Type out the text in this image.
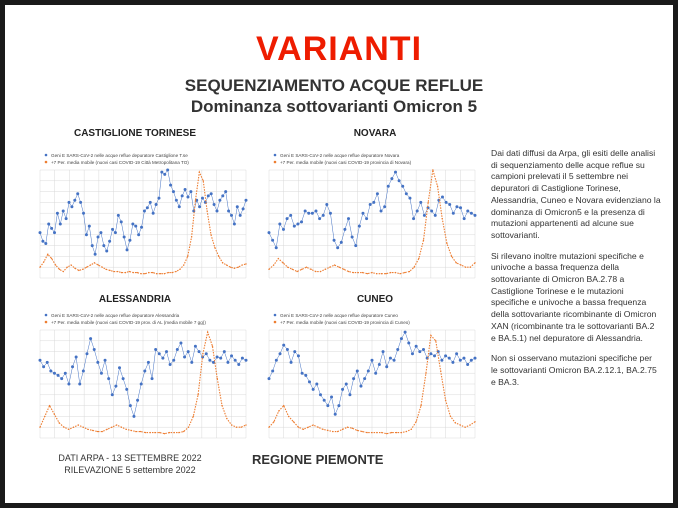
VARIANTI
SEQUENZIAMENTO ACQUE REFLUE
Dominanza sottovarianti Omicron 5
CASTIGLIONE TORINESE	NOVARA
ALESSANDRIA	CUNEO
Geni E SARS-CoV-2 nelle acque reflue depuratore Castiglione T.se
+7 Per. media mobile (nuovi casi COVID-19 Città Metropolitana TO)
Geni E SARS-CoV-2 nelle acque reflue depuratore Novara
+7 Per. media mobile (nuovi casi COVID-19 provincia di Novara)
Geni E SARS-CoV-2 nelle acque reflue depuratore Alessandria
+7 Per. media mobile (nuovi casi COVID-19 prov. di AL (media mobile 7 gg))
Geni E SARS-CoV-2 nelle acque reflue depuratore Cuneo
+7 Per. media mobile (nuovi casi COVID-19 provincia di Cuneo)

Dai dati diffusi da Arpa, gli esiti delle analisi di sequenziamento delle acque reflue su campioni prelevati il 5 settembre nei depuratori di Castiglione Torinese, Alessandria, Cuneo e Novara evidenziano la dominanza di Omicron5 e la presenza di mutazioni appartenenti ad alcune sue sottovarianti.

Si rilevano inoltre mutazioni specifiche e univoche a bassa frequenza della sottovariante di Omicron BA.2.78 a Castiglione Torinese e le mutazioni specifiche e univoche a bassa frequenza della sottovariante ricombinante di Omicron XAN (ricombinante tra le sottovarianti BA.2 e BA.5.1) nel depuratore di Alessandria.

Non si osservano mutazioni specifiche per le sottovarianti Omicron BA.2.12.1, BA.2.75 e BA.3.

DATI ARPA - 13 SETTEMBRE 2022
RILEVAZIONE 5 settembre 2022
REGIONE PIEMONTE
